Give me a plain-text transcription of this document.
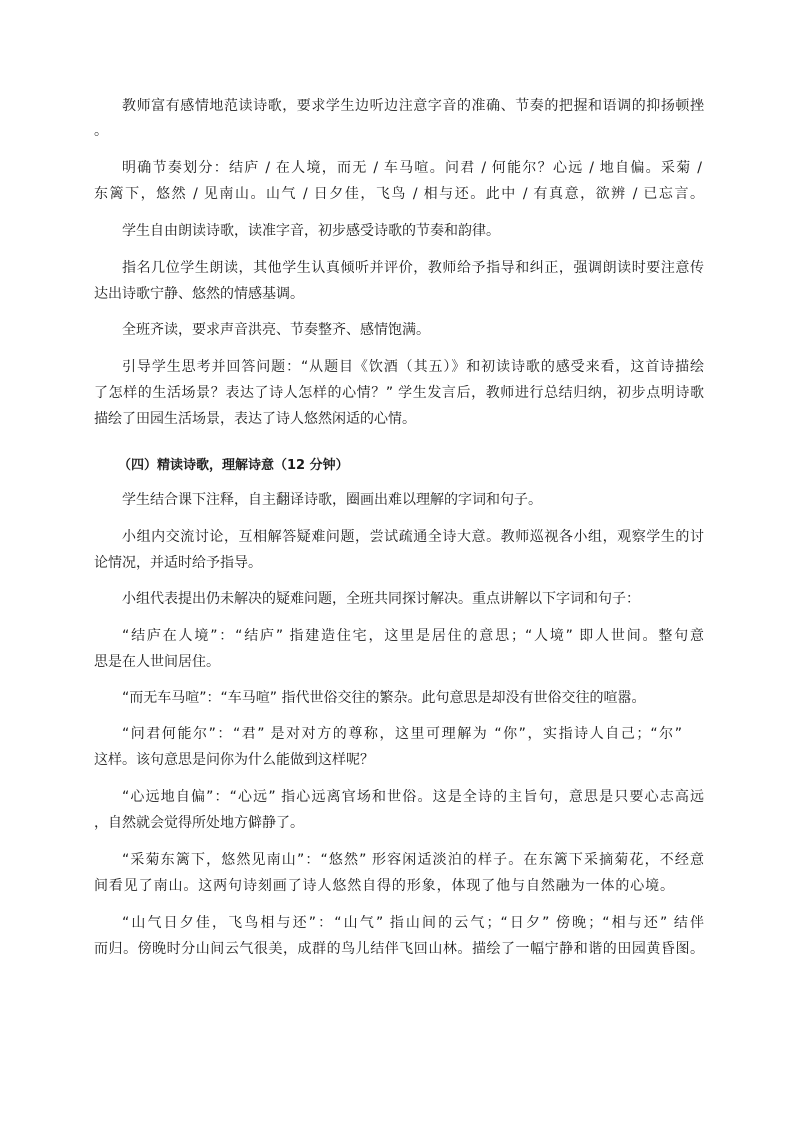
教师富有感情地范读诗歌，要求学生边听边注意字音的准确、节奏的把握和语调的抑扬顿挫
。
明确节奏划分：结庐 / 在人境，而无 / 车马喧。问君 / 何能尔？心远 / 地自偏。采菊 /
东篱下，悠然 / 见南山。山气 / 日夕佳，飞鸟 / 相与还。此中 / 有真意，欲辨 / 已忘言。
学生自由朗读诗歌，读准字音，初步感受诗歌的节奏和韵律。
指名几位学生朗读，其他学生认真倾听并评价，教师给予指导和纠正，强调朗读时要注意传
达出诗歌宁静、悠然的情感基调。
全班齐读，要求声音洪亮、节奏整齐、感情饱满。
引导学生思考并回答问题：“从题目《饮酒（其五）》和初读诗歌的感受来看，这首诗描绘
了怎样的生活场景？表达了诗人怎样的心情？” 学生发言后，教师进行总结归纳，初步点明诗歌
描绘了田园生活场景，表达了诗人悠然闲适的心情。
（四）精读诗歌，理解诗意（12 分钟）
学生结合课下注释，自主翻译诗歌，圈画出难以理解的字词和句子。
小组内交流讨论，互相解答疑难问题，尝试疏通全诗大意。教师巡视各小组，观察学生的讨
论情况，并适时给予指导。
小组代表提出仍未解决的疑难问题，全班共同探讨解决。重点讲解以下字词和句子：
“结庐在人境”：“结庐” 指建造住宅，这里是居住的意思；“人境” 即人世间。整句意
思是在人世间居住。
“而无车马喧”：“车马喧” 指代世俗交往的繁杂。此句意思是却没有世俗交往的喧嚣。
“问君何能尔”：“君” 是对对方的尊称，这里可理解为 “你”，实指诗人自己；“尔”
这样。该句意思是问你为什么能做到这样呢？
“心远地自偏”：“心远” 指心远离官场和世俗。这是全诗的主旨句，意思是只要心志高远
，自然就会觉得所处地方僻静了。
“采菊东篱下，悠然见南山”：“悠然” 形容闲适淡泊的样子。在东篱下采摘菊花，不经意
间看见了南山。这两句诗刻画了诗人悠然自得的形象，体现了他与自然融为一体的心境。
“山气日夕佳，飞鸟相与还”：“山气” 指山间的云气；“日夕” 傍晚；“相与还” 结伴
而归。傍晚时分山间云气很美，成群的鸟儿结伴飞回山林。描绘了一幅宁静和谐的田园黄昏图。
